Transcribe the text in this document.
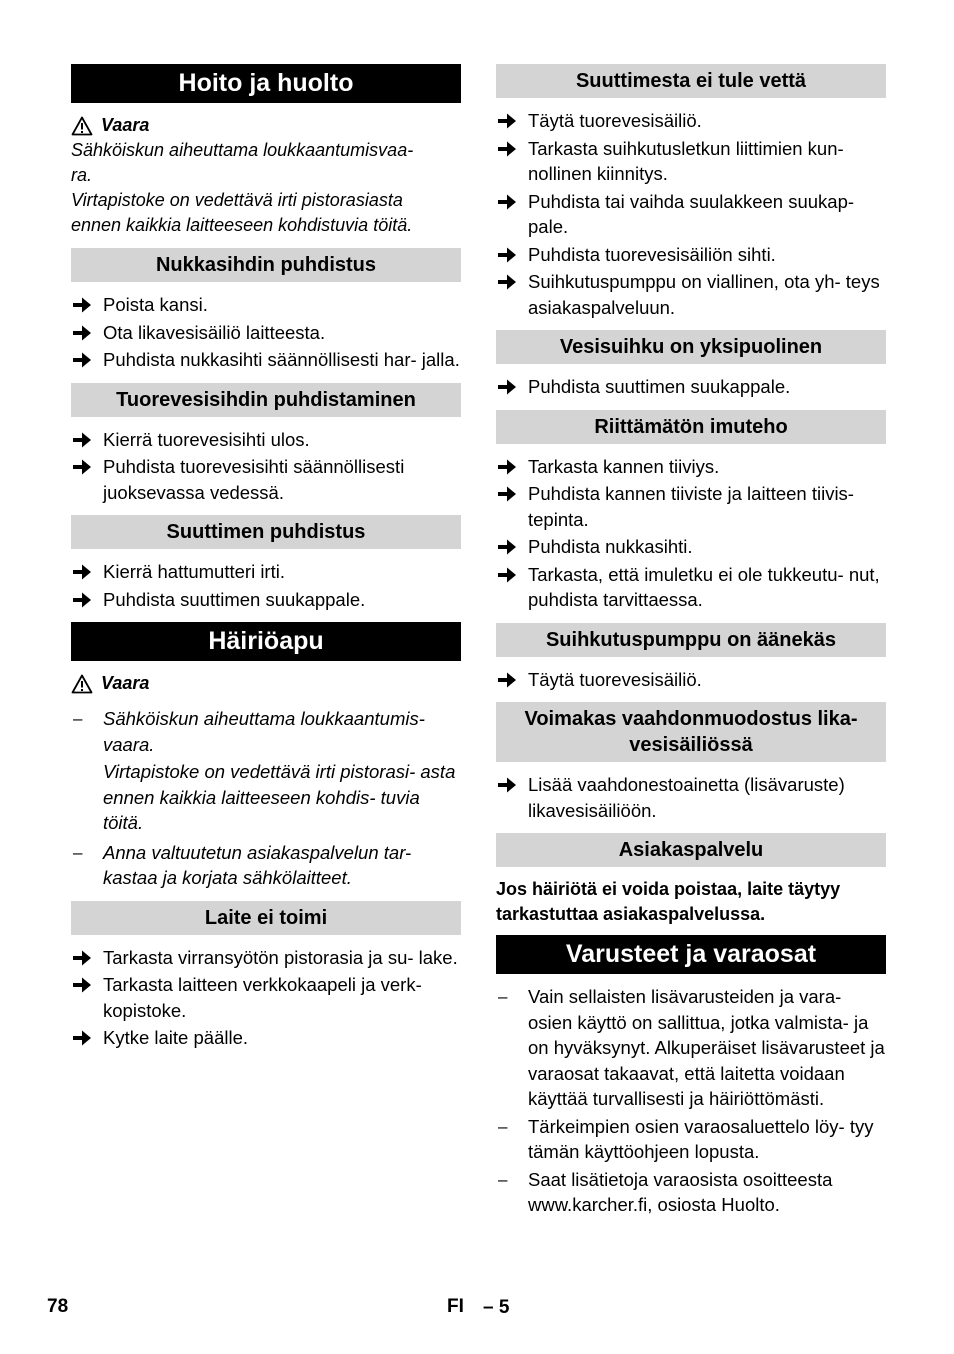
Hoito ja huolto
Vaara

Sähköiskun aiheuttama loukkaantumisvaa-

ra.

Virtapistoke on vedettävä irti pistorasiasta

ennen kaikkia laitteeseen kohdistuvia töitä.

Nukkasihdin puhdistus
Poista kansi.
Ota likavesisäiliö laitteesta.
Puhdista nukkasihti säännöllisesti har- jalla.
Tuorevesisihdin puhdistaminen
Kierrä tuorevesisihti ulos.
Puhdista tuorevesisihti säännöllisesti juoksevassa vedessä.
Suuttimen puhdistus
Kierrä hattumutteri irti.
Puhdista suuttimen suukappale.
Häiriöapu
Vaara
– Sähköiskun aiheuttama loukkaantumis- vaara.

Virtapistoke on vedettävä irti pistorasi- asta ennen kaikkia laitteeseen kohdis- tuvia töitä.

– Anna valtuutetun asiakaspalvelun tar- kastaa ja korjata sähkölaitteet.
Laite ei toimi
Tarkasta virransyötön pistorasia ja su- lake.
Tarkasta laitteen verkkokaapeli ja verk- kopistoke.
Kytke laite päälle.
Suuttimesta ei tule vettä
Täytä tuorevesisäiliö.
Tarkasta suihkutusletkun liittimien kun- nollinen kiinnitys.
Puhdista tai vaihda suulakkeen suukap- pale.
Puhdista tuorevesisäiliön sihti.
Suihkutuspumppu on viallinen, ota yh- teys asiakaspalveluun.
Vesisuihku on yksipuolinen
Puhdista suuttimen suukappale.
Riittämätön imuteho
Tarkasta kannen tiiviys.
Puhdista kannen tiiviste ja laitteen tiivis- tepinta.
Puhdista nukkasihti.
Tarkasta, että imuletku ei ole tukkeutu- nut, puhdista tarvittaessa.
Suihkutuspumppu on äänekäs
Täytä tuorevesisäiliö.
Voimakas vaahdonmuodostus lika- vesisäiliössä
Lisää vaahdonestoainetta (lisävaruste) likavesisäiliöön.
Asiakaspalvelu

Jos häiriötä ei voida poistaa, laite täytyy tarkastuttaa asiakaspalvelussa.

Varusteet ja varaosat
– Vain sellaisten lisävarusteiden ja vara- osien käyttö on sallittua, jotka valmista- ja on hyväksynyt. Alkuperäiset lisävarusteet ja varaosat takaavat, että laitetta voidaan käyttää turvallisesti ja häiriöttömästi.
– Tärkeimpien osien varaosaluettelo löy- tyy tämän käyttöohjeen lopusta.
– Saat lisätietoja varaosista osoitteesta www.karcher.fi, osiosta Huolto.
78	FI – 5
